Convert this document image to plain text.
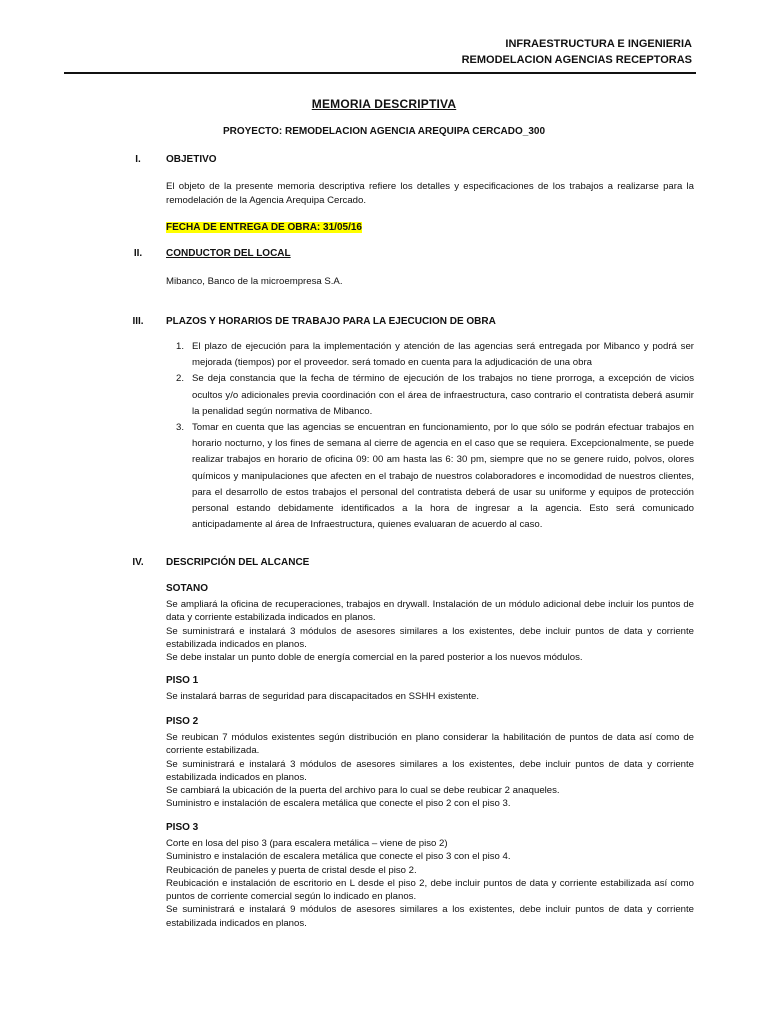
INFRAESTRUCTURA E INGENIERIA
REMODELACION AGENCIAS RECEPTORAS
MEMORIA DESCRIPTIVA
PROYECTO: REMODELACION AGENCIA AREQUIPA CERCADO_300
I.	OBJETIVO
El objeto de la presente memoria descriptiva refiere los detalles y especificaciones de los trabajos a realizarse para la remodelación de la Agencia Arequipa Cercado.
FECHA DE ENTREGA DE OBRA: 31/05/16
II.	CONDUCTOR DEL LOCAL
Mibanco, Banco de la microempresa S.A.
III.	PLAZOS Y HORARIOS DE TRABAJO PARA LA EJECUCION DE OBRA
1. El plazo de ejecución para la implementación y atención de las agencias será entregada por Mibanco y podrá ser mejorada (tiempos) por el proveedor. será tomado en cuenta para la adjudicación de una obra
2. Se deja constancia que la fecha de término de ejecución de los trabajos no tiene prorroga, a excepción de vicios ocultos y/o adicionales previa coordinación con el área de infraestructura, caso contrario el contratista deberá asumir la penalidad según normativa de Mibanco.
3. Tomar en cuenta que las agencias se encuentran en funcionamiento, por lo que sólo se podrán efectuar trabajos en horario nocturno, y los fines de semana al cierre de agencia en el caso que se requiera. Excepcionalmente, se puede realizar trabajos en horario de oficina 09: 00 am hasta las 6: 30 pm, siempre que no se genere ruido, polvos, olores químicos y manipulaciones que afecten en el trabajo de nuestros colaboradores e incomodidad de nuestros clientes, para el desarrollo de estos trabajos el personal del contratista deberá de usar su uniforme y equipos de protección personal estando debidamente identificados a la hora de ingresar a la agencia. Esto será comunicado anticipadamente al área de Infraestructura, quienes evaluaran de acuerdo al caso.
IV.	DESCRIPCIÓN DEL ALCANCE
SOTANO
Se ampliará la oficina de recuperaciones, trabajos en drywall. Instalación de un módulo adicional debe incluir los puntos de data y corriente estabilizada indicados en planos.
Se suministrará e instalará 3 módulos de asesores similares a los existentes, debe incluir puntos de data y corriente estabilizada indicados en planos.
Se debe instalar un punto doble de energía comercial en la pared posterior a los nuevos módulos.
PISO 1
Se instalará barras de seguridad para discapacitados en SSHH existente.
PISO 2
Se reubican 7 módulos existentes según distribución en plano considerar la habilitación de puntos de data así como de corriente estabilizada.
Se suministrará e instalará 3 módulos de asesores similares a los existentes, debe incluir puntos de data y corriente estabilizada indicados en planos.
Se cambiará la ubicación de la puerta del archivo para lo cual se debe reubicar 2 anaqueles.
Suministro e instalación de escalera metálica que conecte el piso 2 con el piso 3.
PISO 3
Corte en losa del piso 3 (para escalera metálica – viene de piso 2)
Suministro e instalación de escalera metálica que conecte el piso 3 con el piso 4.
Reubicación de paneles y puerta de cristal desde el piso 2.
Reubicación e instalación de escritorio en L desde el piso 2, debe incluir puntos de data y corriente estabilizada así como puntos de corriente comercial según lo indicado en planos.
Se suministrará e instalará 9 módulos de asesores similares a los existentes, debe incluir puntos de data y corriente estabilizada indicados en planos.
